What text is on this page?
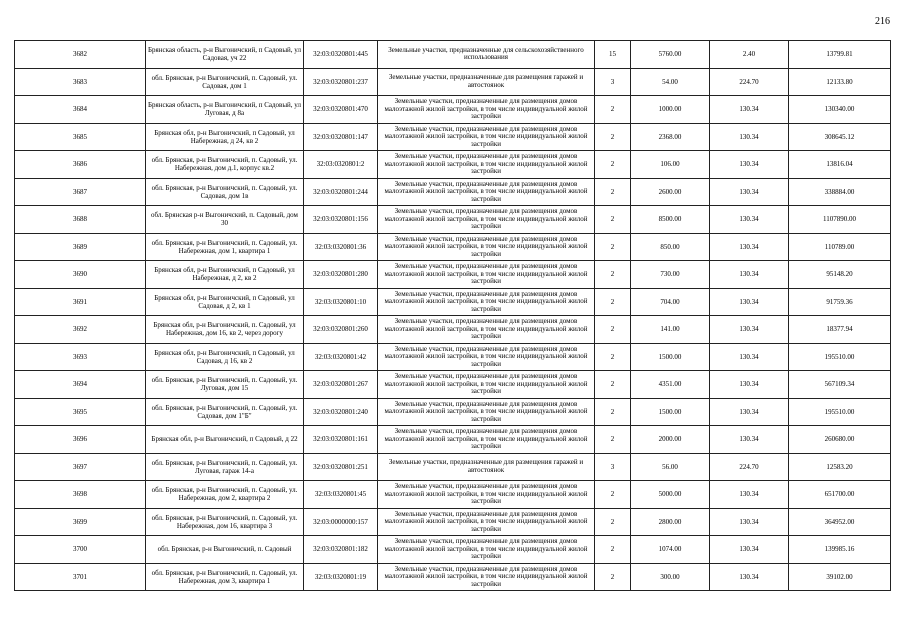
216
3682	Брянская область, р-н Выгоничский, п Садовый, ул Садовая, уч 22	32:03:0320801:445	Земельные участки, предназначенные для сельскохозяйственного использования	15	5760.00	2.40	13799.81
3683	обл. Брянская, р-н Выгоничский, п. Садовый, ул. Садовая, дом 1	32:03:0320801:237	Земельные участки, предназначенные для размещения гаражей и автостоянок	3	54.00	224.70	12133.80
3684	Брянская область, р-н Выгоничский, п Садовый, ул Луговая, д 8а	32:03:0320801:470	Земельные участки, предназначенные для размещения домов малоэтажной жилой застройки, в том числе индивидуальной жилой застройки	2	1000.00	130.34	130340.00
3685	Брянская обл, р-н Выгоничский, п Садовый, ул Набережная, д 24, кв 2	32:03:0320801:147	Земельные участки, предназначенные для размещения домов малоэтажной жилой застройки, в том числе индивидуальной жилой застройки	2	2368.00	130.34	308645.12
3686	обл. Брянская, р-н Выгоничский, п. Садовый, ул. Набережная, дом д.1, корпус кв.2	32:03:0320801:2	Земельные участки, предназначенные для размещения домов малоэтажной жилой застройки, в том числе индивидуальной жилой застройки	2	106.00	130.34	13816.04
3687	обл. Брянская, р-н Выгоничский, п. Садовый, ул. Садовая, дом 1в	32:03:0320801:244	Земельные участки, предназначенные для размещения домов малоэтажной жилой застройки, в том числе индивидуальной жилой застройки	2	2600.00	130.34	338884.00
3688	обл. Брянская р-н Выгоничский, п. Садовый, дом 30	32:03:0320801:156	Земельные участки, предназначенные для размещения домов малоэтажной жилой застройки, в том числе индивидуальной жилой застройки	2	8500.00	130.34	1107890.00
3689	обл. Брянская, р-н Выгоничский, п. Садовый, ул. Набережная, дом 1, квартира 1	32:03:0320801:36	Земельные участки, предназначенные для размещения домов малоэтажной жилой застройки, в том числе индивидуальной жилой застройки	2	850.00	130.34	110789.00
3690	Брянская обл, р-н Выгоничский, п Садовый, ул Набережная, д 2, кв 2	32:03:0320801:280	Земельные участки, предназначенные для размещения домов малоэтажной жилой застройки, в том числе индивидуальной жилой застройки	2	730.00	130.34	95148.20
3691	Брянская обл, р-н Выгоничский, п Садовый, ул Садовая, д 2, кв 1	32:03:0320801:10	Земельные участки, предназначенные для размещения домов малоэтажной жилой застройки, в том числе индивидуальной жилой застройки	2	704.00	130.34	91759.36
3692	Брянская обл, р-н Выгоничский, п. Садовый, ул Набережная, дом 16, кв 2, через дорогу	32:03:0320801:260	Земельные участки, предназначенные для размещения домов малоэтажной жилой застройки, в том числе индивидуальной жилой застройки	2	141.00	130.34	18377.94
3693	Брянская обл, р-н Выгоничский, п Садовый, ул Садовая, д 16, кв 2	32:03:0320801:42	Земельные участки, предназначенные для размещения домов малоэтажной жилой застройки, в том числе индивидуальной жилой застройки	2	1500.00	130.34	195510.00
3694	обл. Брянская, р-н Выгоничский, п. Садовый, ул. Луговая, дом 15	32:03:0320801:267	Земельные участки, предназначенные для размещения домов малоэтажной жилой застройки, в том числе индивидуальной жилой застройки	2	4351.00	130.34	567109.34
3695	обл. Брянская, р-н Выгоничский, п. Садовый, ул. Садовая, дом 1"Б"	32:03:0320801:240	Земельные участки, предназначенные для размещения домов малоэтажной жилой застройки, в том числе индивидуальной жилой застройки	2	1500.00	130.34	195510.00
3696	Брянская обл, р-н Выгоничский, п Садовый, д 22	32:03:0320801:161	Земельные участки, предназначенные для размещения домов малоэтажной жилой застройки, в том числе индивидуальной жилой застройки	2	2000.00	130.34	260680.00
3697	обл. Брянская, р-н Выгоничский, п. Садовый, ул. Луговая, гараж 14-а	32:03:0320801:251	Земельные участки, предназначенные для размещения гаражей и автостоянок	3	56.00	224.70	12583.20
3698	обл. Брянская, р-н Выгоничский, п. Садовый, ул. Набережная, дом 2, квартира 2	32:03:0320801:45	Земельные участки, предназначенные для размещения домов малоэтажной жилой застройки, в том числе индивидуальной жилой застройки	2	5000.00	130.34	651700.00
3699	обл. Брянская, р-н Выгоничский, п. Садовый, ул. Набережная, дом 16, квартира 3	32:03:0000000:157	Земельные участки, предназначенные для размещения домов малоэтажной жилой застройки, в том числе индивидуальной жилой застройки	2	2800.00	130.34	364952.00
3700	обл. Брянская, р-н Выгоничский, п. Садовый	32:03:0320801:182	Земельные участки, предназначенные для размещения домов малоэтажной жилой застройки, в том числе индивидуальной жилой застройки	2	1074.00	130.34	139985.16
3701	обл. Брянская, р-н Выгоничский, п. Садовый, ул. Набережная, дом 3, квартира 1	32:03:0320801:19	Земельные участки, предназначенные для размещения домов малоэтажной жилой застройки, в том числе индивидуальной жилой застройки	2	300.00	130.34	39102.00
